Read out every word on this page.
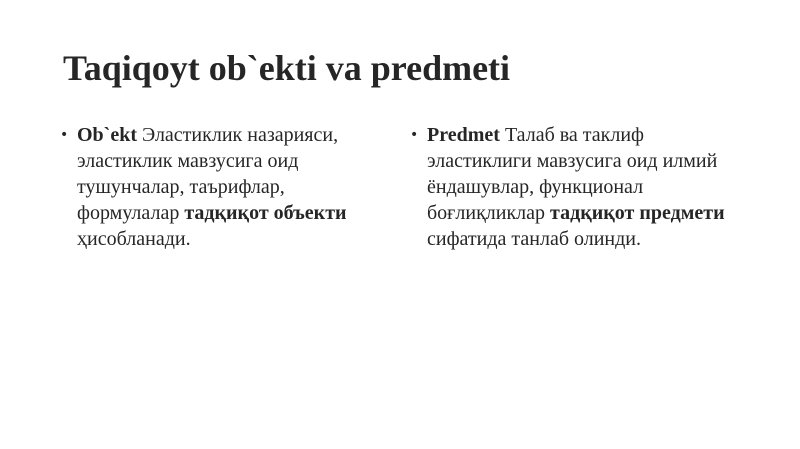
Taqiqoyt ob`ekti va predmeti
• Ob`ekt Эластиклик назарияси, эластиклик мавзусига оид тушунчалар, таърифлар, формулалар тадқиқот объекти ҳисобланади.
• Predmet Талаб ва таклиф эластиклиги мавзусига оид илмий ёндашувлар, функционал боғлиқликлар тадқиқот предмети сифатида танлаб олинди.
